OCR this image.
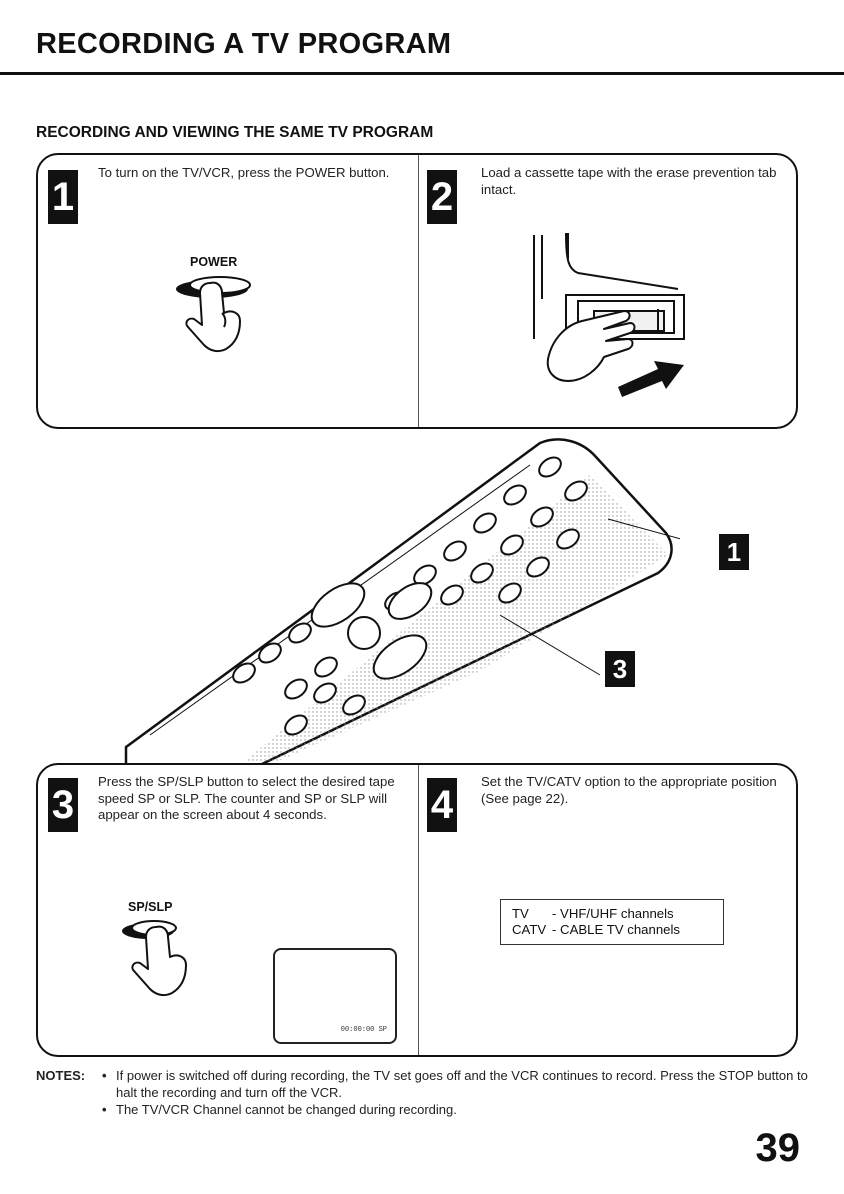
RECORDING A TV PROGRAM
RECORDING AND VIEWING THE SAME TV PROGRAM
1

To turn on the TV/VCR, press the POWER button.

POWER
2

Load a cassette tape with the erase prevention tab intact.

1
3
3

Press the SP/SLP button to select the desired tape speed SP or SLP. The counter and SP or SLP will appear on the screen about 4 seconds.

SP/SLP
00:00:00 SP
4

Set the TV/CATV option to the appropriate position (See page 22).

TV - VHF/UHF channels
CATV - CABLE TV channels
NOTES:
•	If power is switched off during recording, the TV set goes off and the VCR continues to record. Press the STOP button to halt the recording and turn off the VCR.
• The TV/VCR Channel cannot be changed during recording.
39
